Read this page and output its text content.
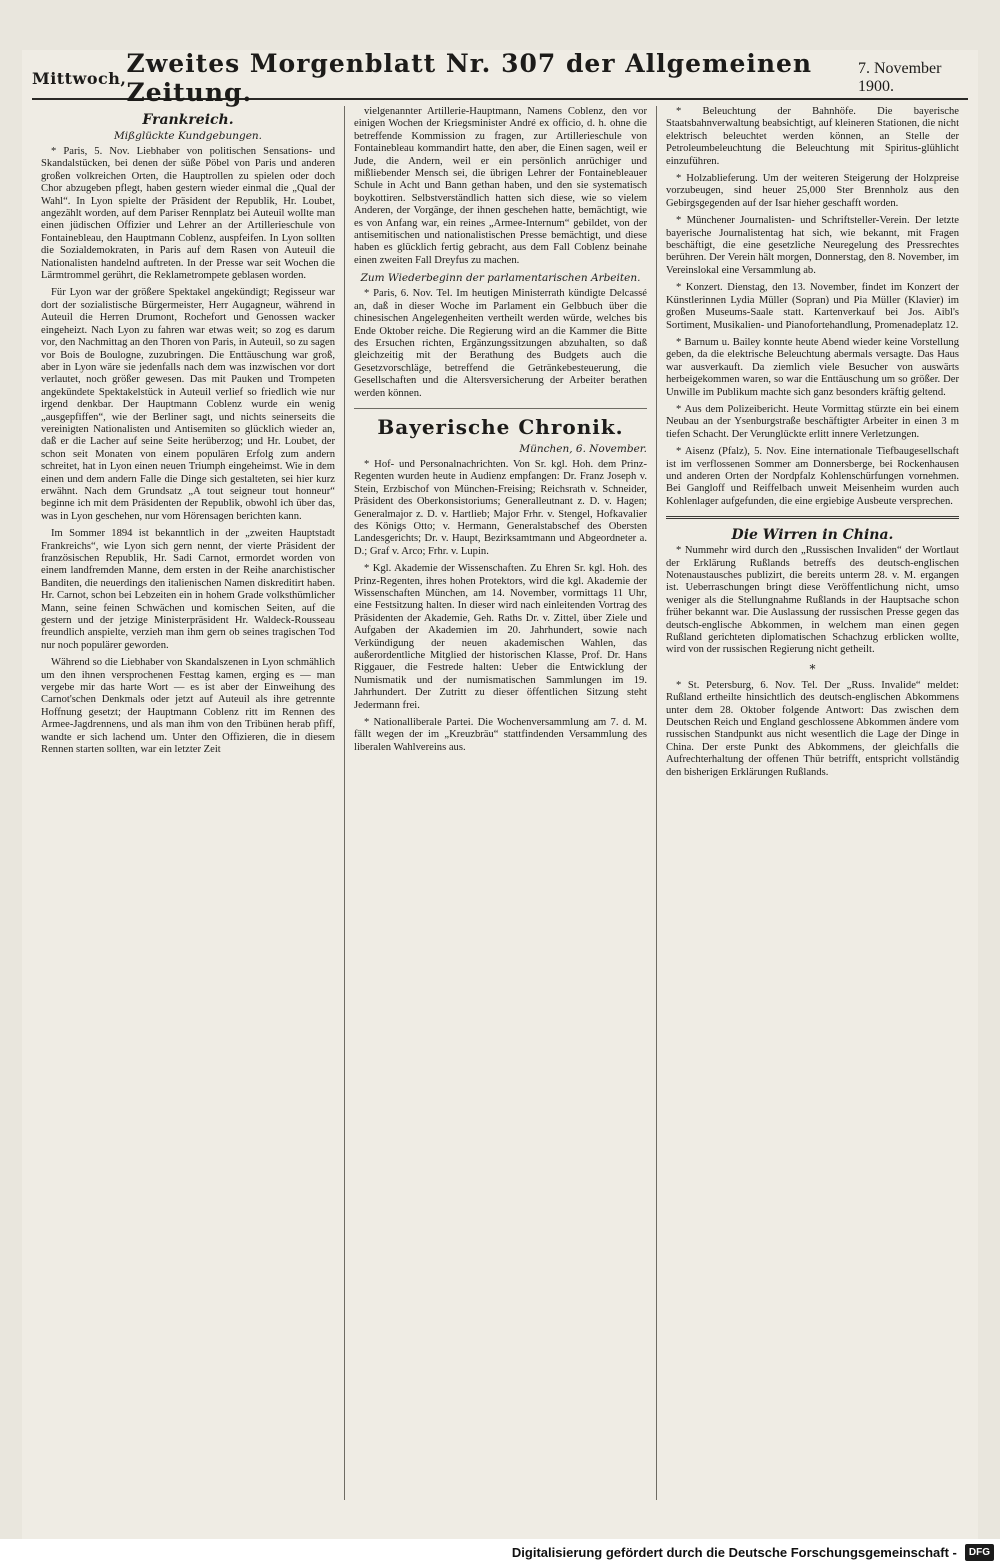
Mittwoch, Zweites Morgenblatt Nr. 307 der Allgemeinen Zeitung.
7. November 1900.
Frankreich.
Mißglückte Kundgebungen.

* Paris, 5. Nov. Liebhaber von politischen Sensations- und Skandalstücken, bei denen der süße Pöbel von Paris und anderen großen volkreichen Orten, die Hauptrollen zu spielen oder doch Chor abzugeben pflegt, haben gestern wieder einmal die „Qual der Wahl“. In Lyon spielte der Präsident der Republik, Hr. Loubet, angezählt worden, auf dem Pariser Rennplatz bei Auteuil wollte man einen jüdischen Offizier und Lehrer an der Artillerieschule von Fontainebleau, den Hauptmann Coblenz, auspfeifen. In Lyon sollten die Sozialdemokraten, in Paris auf dem Rasen von Auteuil die Nationalisten handelnd auftreten. In der Presse war seit Wochen die Lärmtrommel gerührt, die Reklametrompete geblasen worden.

Für Lyon war der größere Spektakel angekündigt; Regisseur war dort der sozialistische Bürgermeister, Herr Augagneur, während in Auteuil die Herren Drumont, Rochefort und Genossen wacker eingeheizt. Nach Lyon zu fahren war etwas weit; so zog es darum vor, den Nachmittag an den Thoren von Paris, in Auteuil, so zu sagen vor Bois de Boulogne, zuzubringen. Die Enttäuschung war groß, aber in Lyon wäre sie jedenfalls nach dem was inzwischen vor dort verlautet, noch größer gewesen. Das mit Pauken und Trompeten angekündete Spektakelstück in Auteuil verlief so friedlich wie nur irgend denkbar. Der Hauptmann Coblenz wurde ein wenig „ausgepfiffen“, wie der Berliner sagt, und nichts seinerseits die vereinigten Nationalisten und Antisemiten so glücklich wieder an, daß er die Lacher auf seine Seite herüberzog; und Hr. Loubet, der schon seit Monaten von einem populären Erfolg zum andern schreitet, hat in Lyon einen neuen Triumph eingeheimst. Wie in dem einen und dem andern Falle die Dinge sich gestalteten, sei hier kurz erwähnt. Nach dem Grundsatz „A tout seigneur tout honneur“ beginne ich mit dem Präsidenten der Republik, obwohl ich über das, was in Lyon geschehen, nur vom Hörensagen berichten kann.

Im Sommer 1894 ist bekanntlich in der „zweiten Hauptstadt Frankreichs“, wie Lyon sich gern nennt, der vierte Präsident der französischen Republik, Hr. Sadi Carnot, ermordet worden von einem landfremden Manne, dem ersten in der Reihe anarchistischer Banditen, die neuerdings den italienischen Namen diskreditirt haben. Hr. Carnot, schon bei Lebzeiten ein in hohem Grade volksthümlicher Mann, seine feinen Schwächen und komischen Seiten, auf die gestern und der jetzige Ministerpräsident Hr. Waldeck-Rousseau freundlich anspielte, verzieh man ihm gern ob seines tragischen Tod nur noch populärer geworden.

Während so die Liebhaber von Skandalszenen in Lyon schmählich um den ihnen versprochenen Festtag kamen, erging es — man vergebe mir das harte Wort — es ist aber der Einweihung des Carnot'schen Denkmals oder jetzt auf Auteuil als ihre getrennte Hoffnung gesetzt; der Hauptmann Coblenz ritt im Rennen des Armee-Jagdrennens, und als man ihm von den Tribünen herab pfiff, wandte er sich lachend um. Unter den Offizieren, die in diesem Rennen starten sollten, war ein letzter Zeit

vielgenannter Artillerie-Hauptmann, Namens Coblenz, den vor einigen Wochen der Kriegsminister André ex officio, d. h. ohne die betreffende Kommission zu fragen, zur Artillerieschule von Fontainebleau kommandirt hatte, den aber, die Einen sagen, weil er Jude, die Andern, weil er ein persönlich anrüchiger und mißliebender Mensch sei, die übrigen Lehrer der Fontainebleauer Schule in Acht und Bann gethan haben, und den sie systematisch boykottiren. Selbstverständlich hatten sich diese, wie so vielem Anderen, der Vorgänge, der ihnen geschehen hatte, bemächtigt, wie es von Anfang war, ein reines „Armee-Internum“ gebildet, von der antisemitischen und nationalistischen Presse bemächtigt, und diese haben es glücklich fertig gebracht, aus dem Fall Coblenz beinahe einen zweiten Fall Dreyfus zu machen.

Zum Wiederbeginn der parlamentarischen Arbeiten.

* Paris, 6. Nov. Tel. Im heutigen Ministerrath kündigte Delcassé an, daß in dieser Woche im Parlament ein Gelbbuch über die chinesischen Angelegenheiten vertheilt werden würde, welches bis Ende Oktober reiche. Die Regierung wird an die Kammer die Bitte des Ersuchen richten, Ergänzungssitzungen abzuhalten, so daß gleichzeitig mit der Berathung des Budgets auch die Gesetzvorschläge, betreffend die Getränkebesteuerung, die Gesellschaften und die Altersversicherung der Arbeiter berathen werden können.

Bayerische Chronik.
München, 6. November.

* Hof- und Personalnachrichten. Von Sr. kgl. Hoh. dem Prinz-Regenten wurden heute in Audienz empfangen: Dr. Franz Joseph v. Stein, Erzbischof von München-Freising; Reichsrath v. Schneider, Präsident des Oberkonsistoriums; Generalleutnant z. D. v. Hagen; Generalmajor z. D. v. Hartlieb; Major Frhr. v. Stengel, Hofkavalier des Königs Otto; v. Hermann, Generalstabschef des Obersten Landesgerichts; Dr. v. Haupt, Bezirksamtmann und Abgeordneter a. D.; Graf v. Arco; Frhr. v. Lupin.

* Kgl. Akademie der Wissenschaften. Zu Ehren Sr. kgl. Hoh. des Prinz-Regenten, ihres hohen Protektors, wird die kgl. Akademie der Wissenschaften München, am 14. November, vormittags 11 Uhr, eine Festsitzung halten. In dieser wird nach einleitenden Vortrag des Präsidenten der Akademie, Geh. Raths Dr. v. Zittel, über Ziele und Aufgaben der Akademien im 20. Jahrhundert, sowie nach Verkündigung der neuen akademischen Wahlen, das außerordentliche Mitglied der historischen Klasse, Prof. Dr. Hans Riggauer, die Festrede halten: Ueber die Entwicklung der Numismatik und der numismatischen Sammlungen im 19. Jahrhundert. Der Zutritt zu dieser öffentlichen Sitzung steht Jedermann frei.

* Nationalliberale Partei. Die Wochenversammlung am 7. d. M. fällt wegen der im „Kreuzbräu“ stattfindenden Versammlung des liberalen Wahlvereins aus.

* Beleuchtung der Bahnhöfe. Die bayerische Staatsbahnverwaltung beabsichtigt, auf kleineren Stationen, die nicht elektrisch beleuchtet werden können, an Stelle der Petroleumbeleuchtung die Beleuchtung mit Spiritus-glühlicht einzuführen.

* Holzablieferung. Um der weiteren Steigerung der Holzpreise vorzubeugen, sind heuer 25,000 Ster Brennholz aus den Gebirgsgegenden auf der Isar hieher geschafft worden.

* Münchener Journalisten- und Schriftsteller-Verein. Der letzte bayerische Journalistentag hat sich, wie bekannt, mit Fragen beschäftigt, die eine gesetzliche Neuregelung des Pressrechtes berühren. Der Verein hält morgen, Donnerstag, den 8. November, im Vereinslokal eine Versammlung ab.

* Konzert. Dienstag, den 13. November, findet im Konzert der Künstlerinnen Lydia Müller (Sopran) und Pia Müller (Klavier) im großen Museums-Saale statt. Kartenverkauf bei Jos. Aibl's Sortiment, Musikalien- und Pianofortehandlung, Promenadeplatz 12.

* Barnum u. Bailey konnte heute Abend wieder keine Vorstellung geben, da die elektrische Beleuchtung abermals versagte. Das Haus war ausverkauft. Da ziemlich viele Besucher von auswärts herbeigekommen waren, so war die Enttäuschung um so größer. Der Unwille im Publikum machte sich ganz besonders kräftig geltend.

* Aus dem Polizeibericht. Heute Vormittag stürzte ein bei einem Neubau an der Ysenburgstraße beschäftigter Arbeiter in einen 3 m tiefen Schacht. Der Verunglückte erlitt innere Verletzungen.

* Aisenz (Pfalz), 5. Nov. Eine internationale Tiefbaugesellschaft ist im verflossenen Sommer am Donnersberge, bei Rockenhausen und anderen Orten der Nordpfalz Kohlenschürfungen vornehmen. Bei Gangloff und Reiffelbach unweit Meisenheim wurden auch Kohlenlager aufgefunden, die eine ergiebige Ausbeute versprechen.

Die Wirren in China.

* Nummehr wird durch den „Russischen Invaliden“ der Wortlaut der Erklärung Rußlands betreffs des deutsch-englischen Notenaustausches publizirt, die bereits unterm 28. v. M. ergangen ist. Ueberraschungen bringt diese Veröffentlichung nicht, umso weniger als die Stellungnahme Rußlands in der Hauptsache schon früher bekannt war. Die Auslassung der russischen Presse gegen das deutsch-englische Abkommen, in welchem man einen gegen Rußland gerichteten diplomatischen Schachzug erblicken wollte, wird von der russischen Regierung nicht getheilt.

*

* St. Petersburg, 6. Nov. Tel. Der „Russ. Invalide“ meldet: Rußland ertheilte hinsichtlich des deutsch-englischen Abkommens unter dem 28. Oktober folgende Antwort: Das zwischen dem Deutschen Reich und England geschlossene Abkommen ändere vom russischen Standpunkt aus nicht wesentlich die Lage der Dinge in China. Der erste Punkt des Abkommens, der gleichfalls die Aufrechterhaltung der offenen Thür betrifft, entspricht vollständig den bisherigen Erklärungen Rußlands.

Digitalisierung gefördert durch die Deutsche Forschungsgemeinschaft -	DFG
